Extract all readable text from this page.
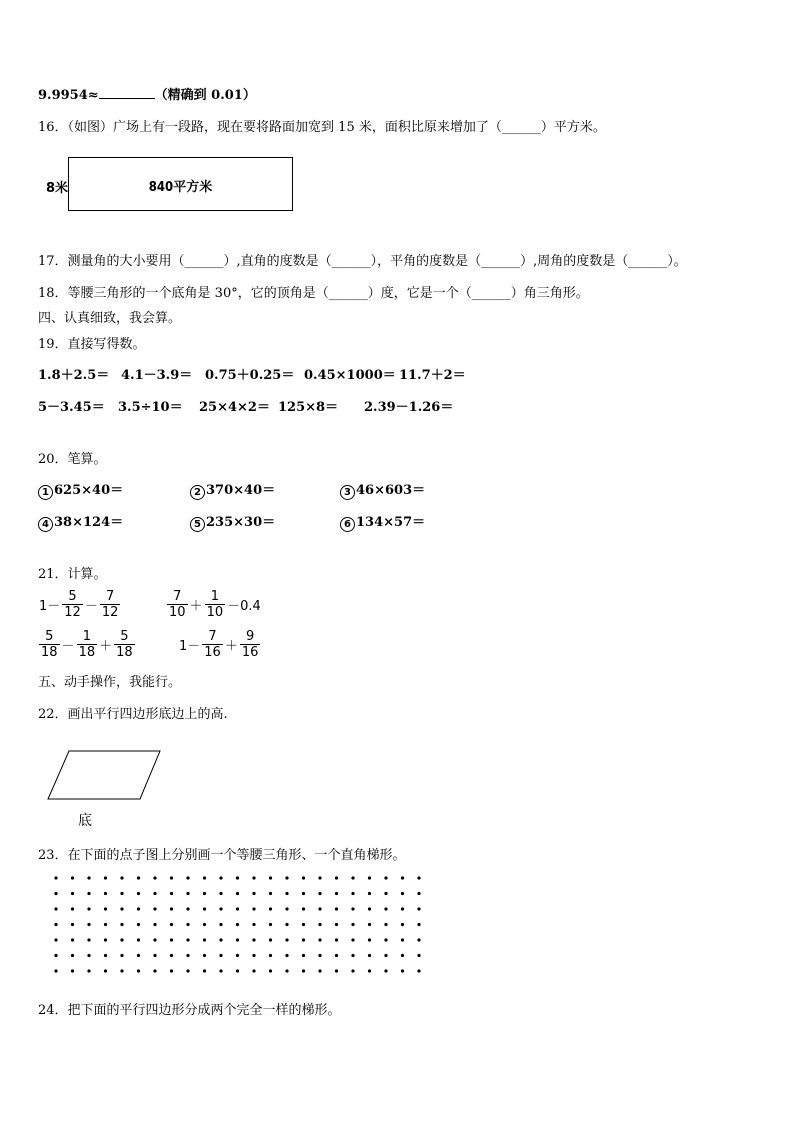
9.9954≈	（精确到 0.01）
16．（如图）广场上有一段路，现在要将路面加宽到 15 米，面积比原来增加了（______）平方米。
8米	840平方米
17．测量角的大小要用（______）,直角的度数是（______），平角的度数是（______）,周角的度数是（______）。
18．等腰三角形的一个底角是 30°，它的顶角是（______）度，它是一个（______）角三角形。
四、认真细致，我会算。
19．直接写得数。
1.8＋2.5＝ 4.1－3.9＝ 0.75＋0.25＝ 0.45×1000＝ 11.7＋2＝
5－3.45＝ 3.5÷10＝ 25×4×2＝ 125×8＝ 2.39－1.26＝
20．笔算。
1 625×40＝	2 370×40＝	3 46×603＝
4 38×124＝	5 235×30＝	6 134×57＝
21．计算。
$1- \frac{5}{12} - \frac{7}{12}$	$\frac{7}{10} + \frac{1}{10} -0.4$
$\frac{5}{18} - \frac{1}{18} + \frac{5}{18}$	$1- \frac{7}{16} + \frac{9}{16}$
五、动手操作，我能行。
22．画出平行四边形底边上的高.
底
23．在下面的点子图上分别画一个等腰三角形、一个直角梯形。
24．把下面的平行四边形分成两个完全一样的梯形。
